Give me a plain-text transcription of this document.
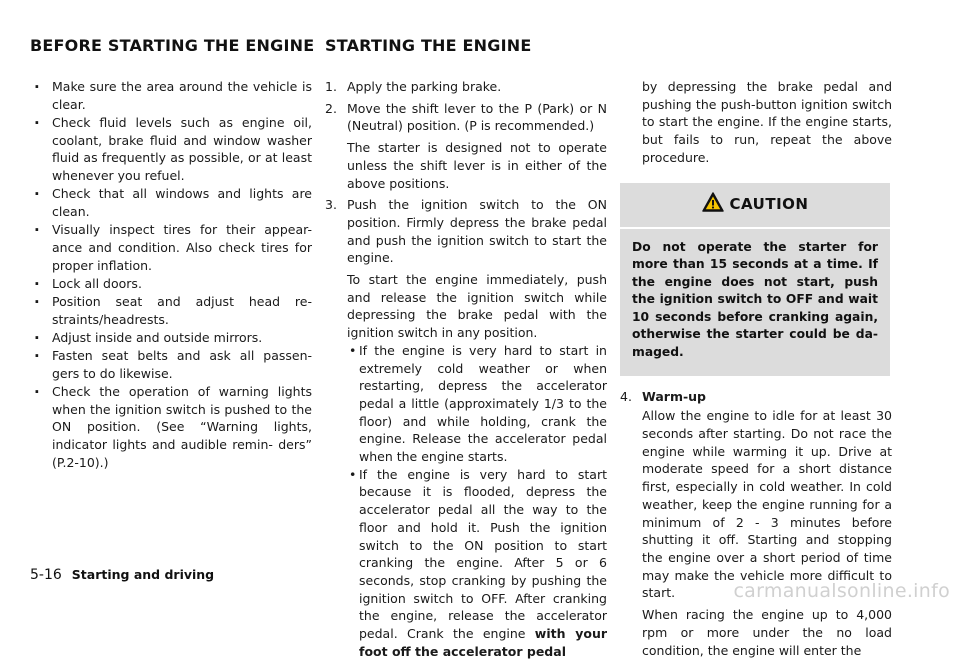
BEFORE STARTING THE ENGINE STARTING THE ENGINE
. Make sure the area around the vehicle is clear.
. Check fluid levels such as engine oil, coolant, brake fluid and window washer fluid as frequently as possible, or at least whenever you refuel.
. Check that all windows and lights are clean.
. Visually inspect tires for their appear- ance and condition. Also check tires for proper inflation.
. Lock all doors.
. Position seat and adjust head re- straints/headrests.
. Adjust inside and outside mirrors.
. Fasten seat belts and ask all passen- gers to do likewise.
. Check the operation of warning lights when the ignition switch is pushed to the ON position. (See “Warning lights, indicator lights and audible remin- ders” (P.2-10).)
1. Apply the parking brake.
2. Move the shift lever to the P (Park) or N (Neutral) position. (P is recommended.)
The starter is designed not to operate unless the shift lever is in either of the above positions.
3. Push the ignition switch to the ON position. Firmly depress the brake pedal and push the ignition switch to start the engine.
To start the engine immediately, push and release the ignition switch while depressing the brake pedal with the ignition switch in any position.
• If the engine is very hard to start in extremely cold weather or when restarting, depress the accelerator pedal a little (approximately 1/3 to the floor) and while holding, crank the engine. Release the accelerator pedal when the engine starts.
• If the engine is very hard to start because it is flooded, depress the accelerator pedal all the way to the floor and hold it. Push the ignition switch to the ON position to start cranking the engine. After 5 or 6 seconds, stop cranking by pushing the ignition switch to OFF. After cranking the engine, release the accelerator pedal. Crank the engine with your foot off the accelerator pedal
by depressing the brake pedal and pushing the push-button ignition switch to start the engine. If the engine starts, but fails to run, repeat the above procedure.
CAUTION
Do not operate the starter for more than 15 seconds at a time. If the engine does not start, push the ignition switch to OFF and wait 10 seconds before cranking again, otherwise the starter could be da- maged.
4. Warm-up
Allow the engine to idle for at least 30 seconds after starting. Do not race the engine while warming it up. Drive at moderate speed for a short distance first, especially in cold weather. In cold weather, keep the engine running for a minimum of 2 - 3 minutes before shutting it off. Starting and stopping the engine over a short period of time may make the vehicle more difficult to start.
When racing the engine up to 4,000 rpm or more under the no load condition, the engine will enter the
5-16 Starting and driving
carmanualsonline.info
